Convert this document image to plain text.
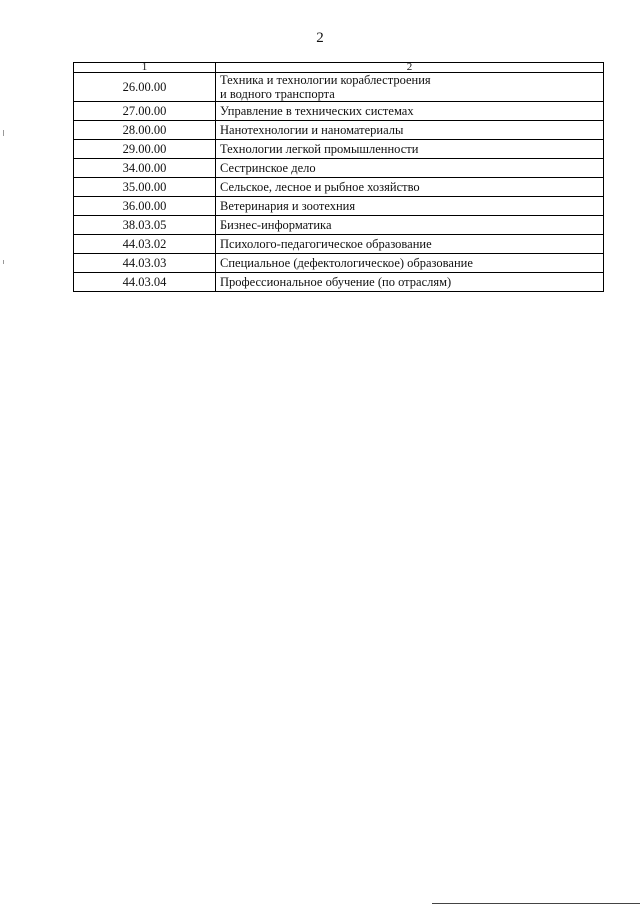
2
1	2
26.00.00	Техника и технологии кораблестроения
и водного транспорта
27.00.00	Управление в технических системах
28.00.00	Нанотехнологии и наноматериалы
29.00.00	Технологии легкой промышленности
34.00.00	Сестринское дело
35.00.00	Сельское, лесное и рыбное хозяйство
36.00.00	Ветеринария и зоотехния
38.03.05	Бизнес-информатика
44.03.02	Психолого-педагогическое образование
44.03.03	Специальное (дефектологическое) образование
44.03.04	Профессиональное обучение (по отраслям)
